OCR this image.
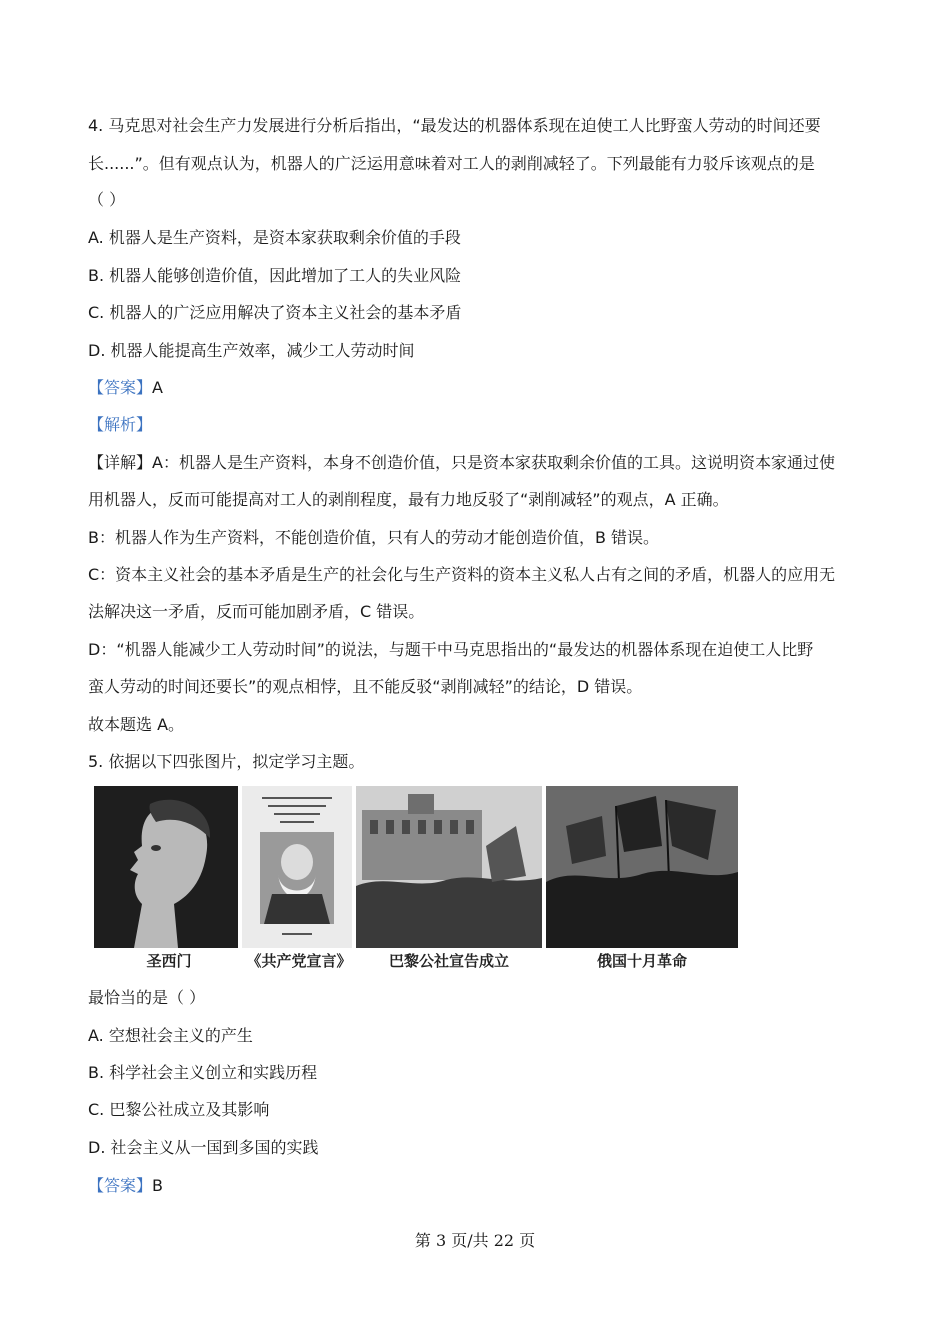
4. 马克思对社会生产力发展进行分析后指出，“最发达的机器体系现在迫使工人比野蛮人劳动的时间还要
长......”。但有观点认为，机器人的广泛运用意味着对工人的剥削减轻了。下列最能有力驳斥该观点的是
（ ）
A. 机器人是生产资料，是资本家获取剩余价值的手段
B. 机器人能够创造价值，因此增加了工人的失业风险
C. 机器人的广泛应用解决了资本主义社会的基本矛盾
D. 机器人能提高生产效率，减少工人劳动时间
【答案】A
【解析】
【详解】A：机器人是生产资料，本身不创造价值，只是资本家获取剩余价值的工具。这说明资本家通过使
用机器人，反而可能提高对工人的剥削程度，最有力地反驳了“剥削减轻”的观点，A 正确。
B：机器人作为生产资料，不能创造价值，只有人的劳动才能创造价值，B 错误。
C：资本主义社会的基本矛盾是生产的社会化与生产资料的资本主义私人占有之间的矛盾，机器人的应用无
法解决这一矛盾，反而可能加剧矛盾，C 错误。
D：“机器人能减少工人劳动时间”的说法，与题干中马克思指出的“最发达的机器体系现在迫使工人比野
蛮人劳动的时间还要长”的观点相悖，且不能反驳“剥削减轻”的结论，D 错误。
故本题选 A。
5. 依据以下四张图片，拟定学习主题。
圣西门	《共产党宣言》	巴黎公社宣告成立	俄国十月革命
最恰当的是（ ）
A. 空想社会主义的产生
B. 科学社会主义创立和实践历程
C. 巴黎公社成立及其影响
D. 社会主义从一国到多国的实践
【答案】B
第 3 页/共 22 页
